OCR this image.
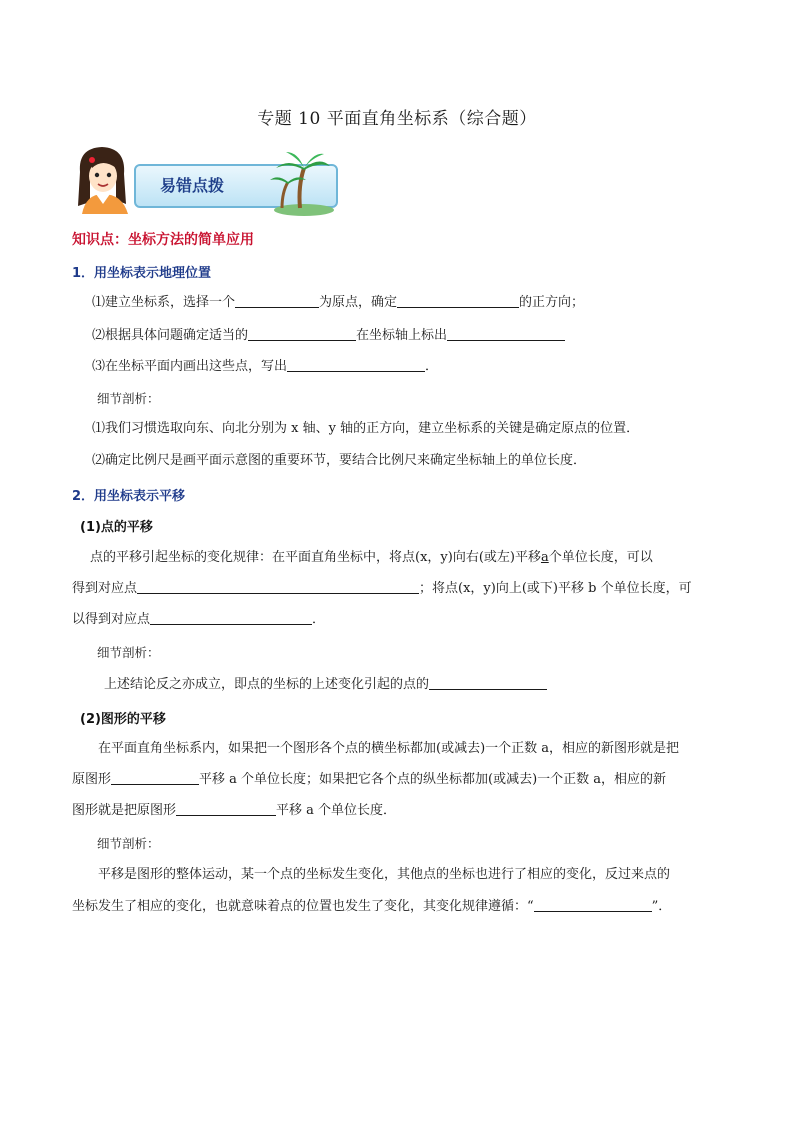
专题 10 平面直角坐标系（综合题）
易错点拨
知识点：坐标方法的简单应用
1．用坐标表示地理位置
⑴建立坐标系，选择一个	为原点，确定	的正方向；
⑵根据具体问题确定适当的	在坐标轴上标出
⑶在坐标平面内画出这些点，写出	．
细节剖析：
⑴我们习惯选取向东、向北分别为 x 轴、y 轴的正方向，建立坐标系的关键是确定原点的位置．
⑵确定比例尺是画平面示意图的重要环节，要结合比例尺来确定坐标轴上的单位长度．
2．用坐标表示平移
(1)点的平移
点的平移引起坐标的变化规律：在平面直角坐标中，将点(x，y)向右(或左)平移a个单位长度，可以
得到对应点	；将点(x，y)向上(或下)平移 b 个单位长度，可
以得到对应点	．
细节剖析：
上述结论反之亦成立，即点的坐标的上述变化引起的点的
(2)图形的平移
在平面直角坐标系内，如果把一个图形各个点的横坐标都加(或减去)一个正数 a，相应的新图形就是把
原图形	平移 a 个单位长度；如果把它各个点的纵坐标都加(或减去)一个正数 a，相应的新
图形就是把原图形	平移 a 个单位长度．
细节剖析：
平移是图形的整体运动，某一个点的坐标发生变化，其他点的坐标也进行了相应的变化，反过来点的
坐标发生了相应的变化，也就意味着点的位置也发生了变化，其变化规律遵循：“	”．
